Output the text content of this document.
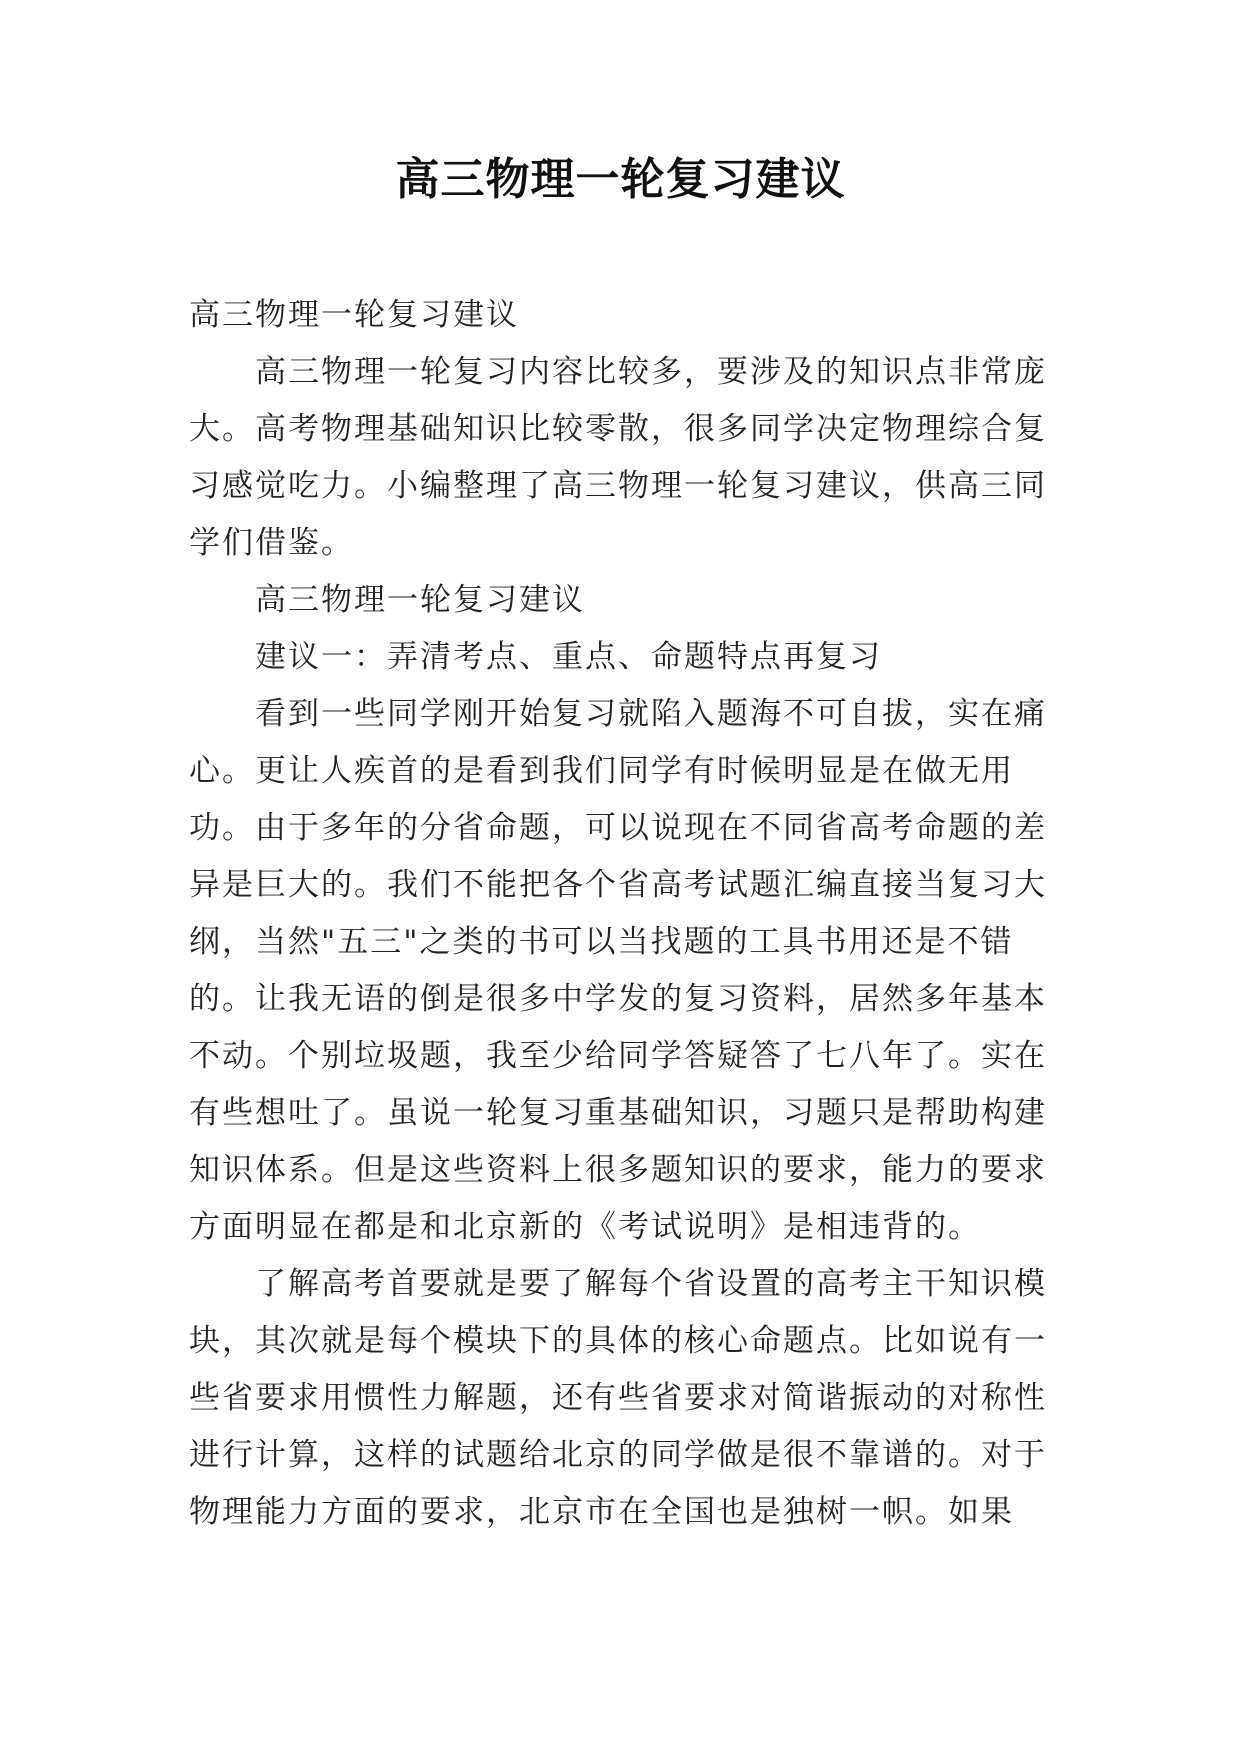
高三物理一轮复习建议

高三物理一轮复习建议

高三物理一轮复习内容比较多，要涉及的知识点非常庞大。高考物理基础知识比较零散，很多同学决定物理综合复习感觉吃力。小编整理了高三物理一轮复习建议，供高三同学们借鉴。

高三物理一轮复习建议

建议一：弄清考点、重点、命题特点再复习

看到一些同学刚开始复习就陷入题海不可自拔，实在痛心。更让人疾首的是看到我们同学有时候明显是在做无用功。由于多年的分省命题，可以说现在不同省高考命题的差异是巨大的。我们不能把各个省高考试题汇编直接当复习大纲，当然"五三"之类的书可以当找题的工具书用还是不错的。让我无语的倒是很多中学发的复习资料，居然多年基本不动。个别垃圾题，我至少给同学答疑答了七八年了。实在有些想吐了。虽说一轮复习重基础知识，习题只是帮助构建知识体系。但是这些资料上很多题知识的要求，能力的要求方面明显在都是和北京新的《考试说明》是相违背的。

了解高考首要就是要了解每个省设置的高考主干知识模块，其次就是每个模块下的具体的核心命题点。比如说有一些省要求用惯性力解题，还有些省要求对简谐振动的对称性进行计算，这样的试题给北京的同学做是很不靠谱的。对于物理能力方面的要求，北京市在全国也是独树一帜。如果
